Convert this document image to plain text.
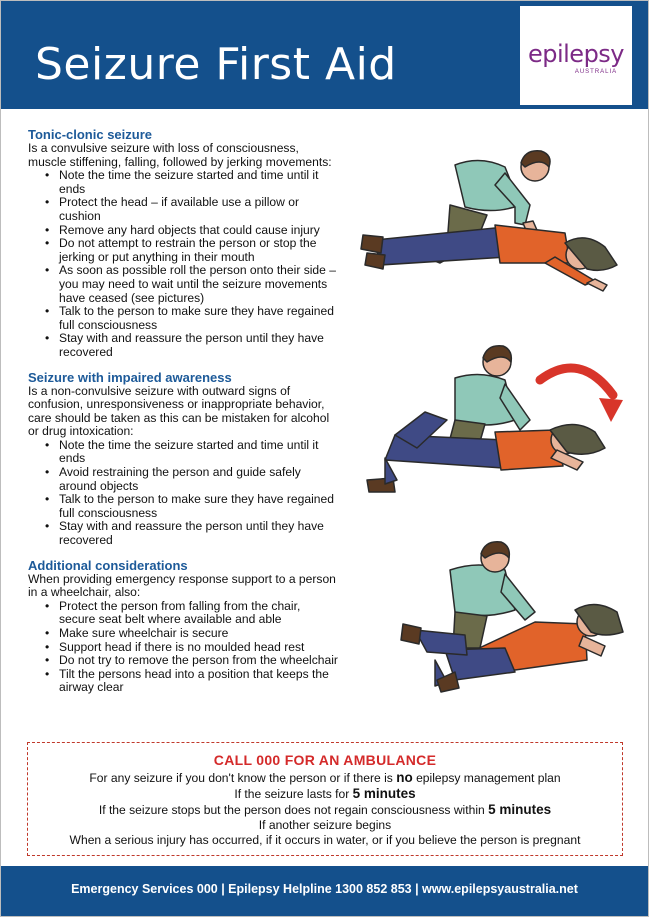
Seizure First Aid	epilepsy
AUSTRALIA
Tonic-clonic seizure

Is a convulsive seizure with loss of consciousness, muscle stiffening, falling, followed by jerking movements:

• Note the time the seizure started and time until it ends
• Protect the head – if available use a pillow or cushion
• Remove any hard objects that could cause injury
• Do not attempt to restrain the person or stop the jerking or put anything in their mouth
• As soon as possible roll the person onto their side – you may need to wait until the seizure movements have ceased (see pictures)
• Talk to the person to make sure they have regained full consciousness
• Stay with and reassure the person until they have recovered
Seizure with impaired awareness

Is a non-convulsive seizure with outward signs of confusion, unresponsiveness or inappropriate behavior, care should be taken as this can be mistaken for alcohol or drug intoxication:

• Note the time the seizure started and time until it ends
• Avoid restraining the person and guide safely around objects
• Talk to the person to make sure they have regained full consciousness
• Stay with and reassure the person until they have recovered
Additional considerations

When providing emergency response support to a person in a wheelchair, also:

• Protect the person from falling from the chair, secure seat belt where available and able
• Make sure wheelchair is secure
• Support head if there is no moulded head rest
• Do not try to remove the person from the wheelchair
• Tilt the persons head into a position that keeps the airway clear
CALL 000 FOR AN AMBULANCE
For any seizure if you don't know the person or if there is no epilepsy management plan
If the seizure lasts for 5 minutes
If the seizure stops but the person does not regain consciousness within 5 minutes
If another seizure begins
When a serious injury has occurred, if it occurs in water, or if you believe the person is pregnant
Emergency Services 000 | Epilepsy Helpline 1300 852 853 | www.epilepsyaustralia.net
